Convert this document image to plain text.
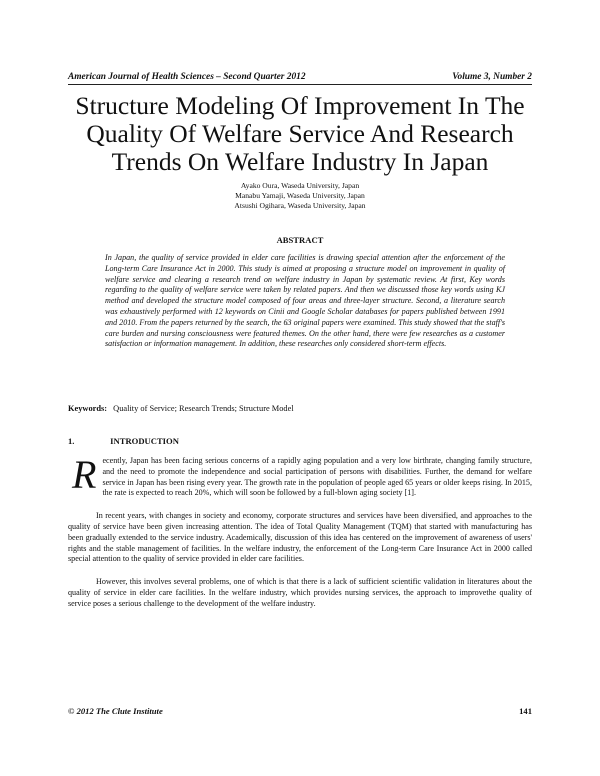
American Journal of Health Sciences – Second Quarter 2012	Volume 3, Number 2
Structure Modeling Of Improvement In The Quality Of Welfare Service And Research Trends On Welfare Industry In Japan
Ayako Oura, Waseda University, Japan
Manabu Yamaji, Waseda University, Japan
Atsushi Ogihara, Waseda University, Japan
ABSTRACT
In Japan, the quality of service provided in elder care facilities is drawing special attention after the enforcement of the Long-term Care Insurance Act in 2000. This study is aimed at proposing a structure model on improvement in quality of welfare service and clearing a research trend on welfare industry in Japan by systematic review. At first, Key words regarding to the quality of welfare service were taken by related papers. And then we discussed those key words using KJ method and developed the structure model composed of four areas and three-layer structure. Second, a literature search was exhaustively performed with 12 keywords on Cinii and Google Scholar databases for papers published between 1991 and 2010. From the papers returned by the search, the 63 original papers were examined. This study showed that the staff's care burden and nursing consciousness were featured themes. On the other hand, there were few researches as a customer satisfaction or information management. In addition, these researches only considered short-term effects.
Keywords: Quality of Service; Research Trends; Structure Model
1.	INTRODUCTION

R ecently, Japan has been facing serious concerns of a rapidly aging population and a very low birthrate, changing family structure, and the need to promote the independence and social participation of persons with disabilities. Further, the demand for welfare service in Japan has been rising every year. The growth rate in the population of people aged 65 years or older keeps rising. In 2015, the rate is expected to reach 20%, which will soon be followed by a full-blown aging society [1].

In recent years, with changes in society and economy, corporate structures and services have been diversified, and approaches to the quality of service have been given increasing attention. The idea of Total Quality Management (TQM) that started with manufacturing has been gradually extended to the service industry. Academically, discussion of this idea has centered on the improvement of awareness of users' rights and the stable management of facilities. In the welfare industry, the enforcement of the Long-term Care Insurance Act in 2000 called special attention to the quality of service provided in elder care facilities.

However, this involves several problems, one of which is that there is a lack of sufficient scientific validation in literatures about the quality of service in elder care facilities. In the welfare industry, which provides nursing services, the approach to improvethe quality of service poses a serious challenge to the development of the welfare industry.

© 2012 The Clute Institute	141
